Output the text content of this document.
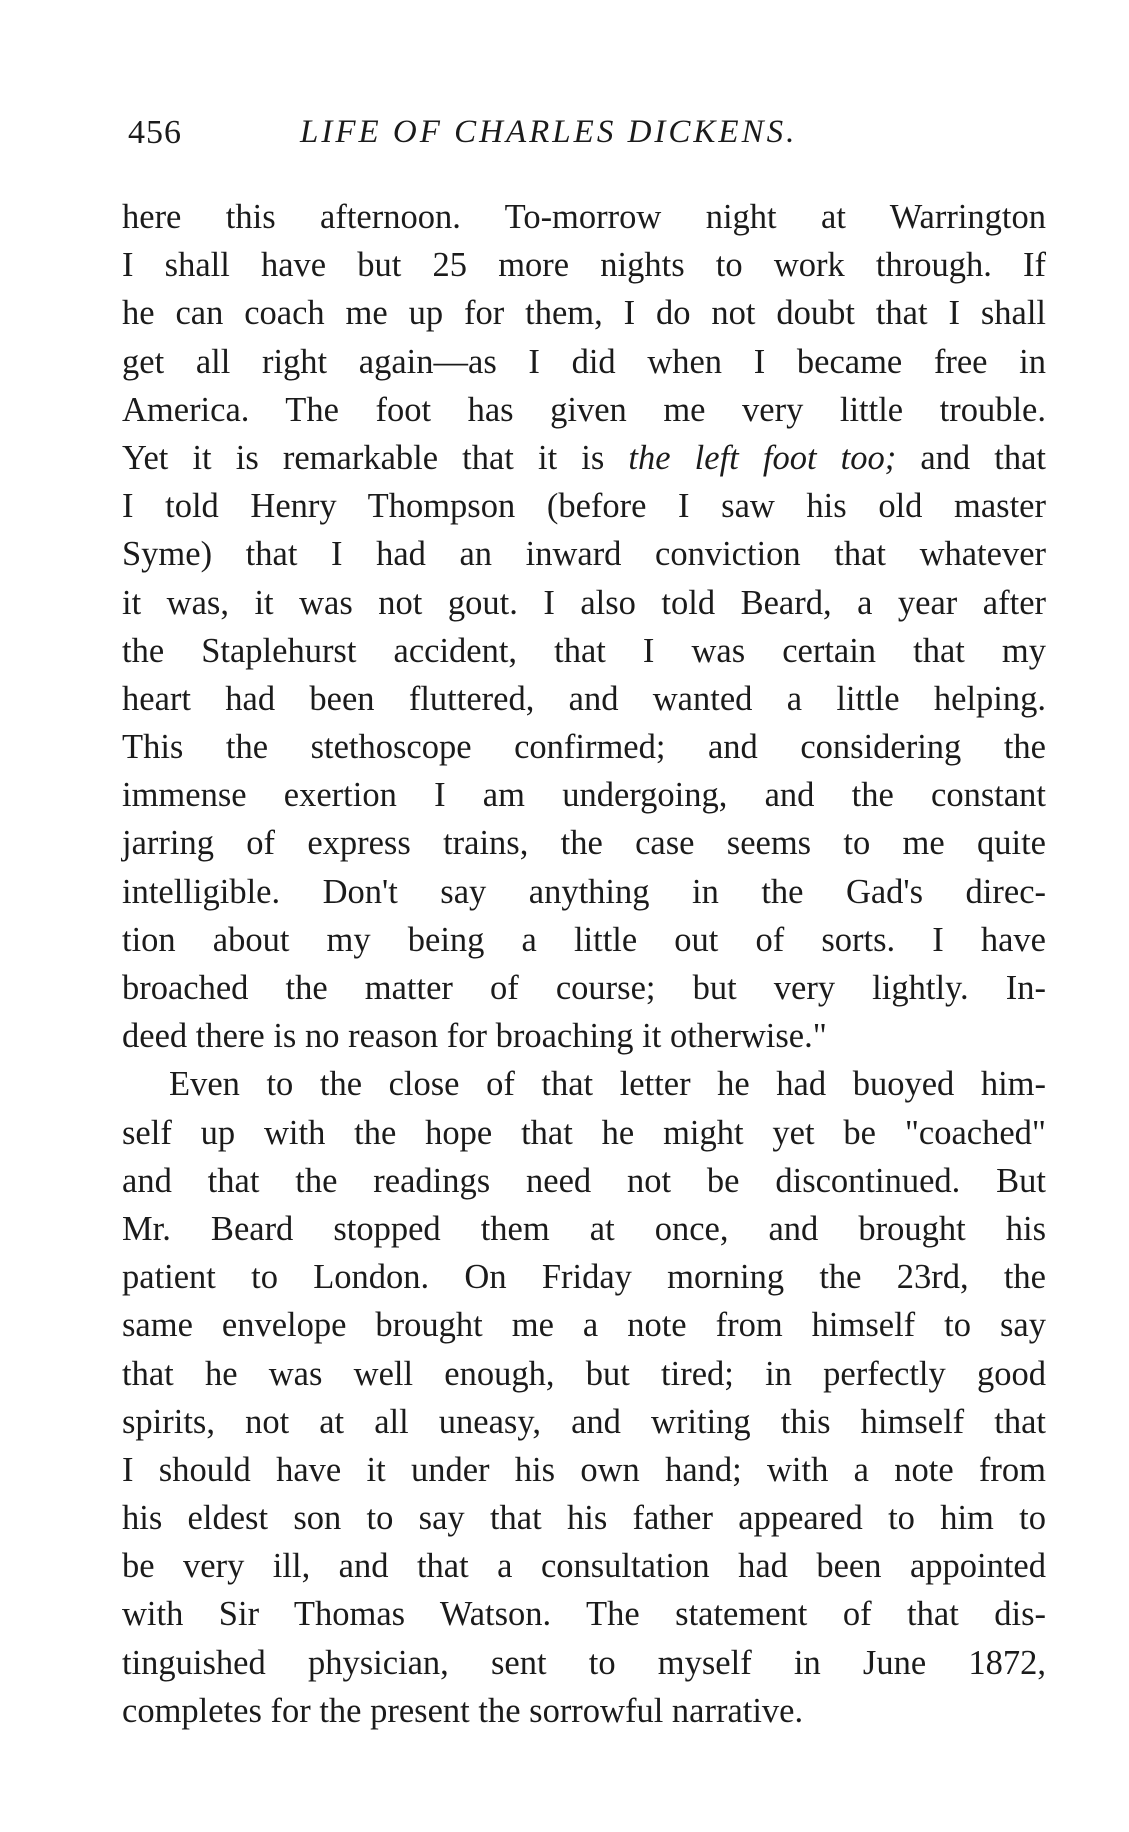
456	LIFE OF CHARLES DICKENS.
here this afternoon. To-morrow night at Warrington
I shall have but 25 more nights to work through. If
he can coach me up for them, I do not doubt that I shall
get all right again—as I did when I became free in
America. The foot has given me very little trouble.
Yet it is remarkable that it is the left foot too; and that
I told Henry Thompson (before I saw his old master
Syme) that I had an inward conviction that whatever
it was, it was not gout. I also told Beard, a year after
the Staplehurst accident, that I was certain that my
heart had been fluttered, and wanted a little helping.
This the stethoscope confirmed; and considering the
immense exertion I am undergoing, and the constant
jarring of express trains, the case seems to me quite
intelligible. Don't say anything in the Gad's direc-
tion about my being a little out of sorts. I have
broached the matter of course; but very lightly. In-
deed there is no reason for broaching it otherwise."
Even to the close of that letter he had buoyed him-
self up with the hope that he might yet be "coached"
and that the readings need not be discontinued. But
Mr. Beard stopped them at once, and brought his
patient to London. On Friday morning the 23rd, the
same envelope brought me a note from himself to say
that he was well enough, but tired; in perfectly good
spirits, not at all uneasy, and writing this himself that
I should have it under his own hand; with a note from
his eldest son to say that his father appeared to him to
be very ill, and that a consultation had been appointed
with Sir Thomas Watson. The statement of that dis-
tinguished physician, sent to myself in June 1872,
completes for the present the sorrowful narrative.
